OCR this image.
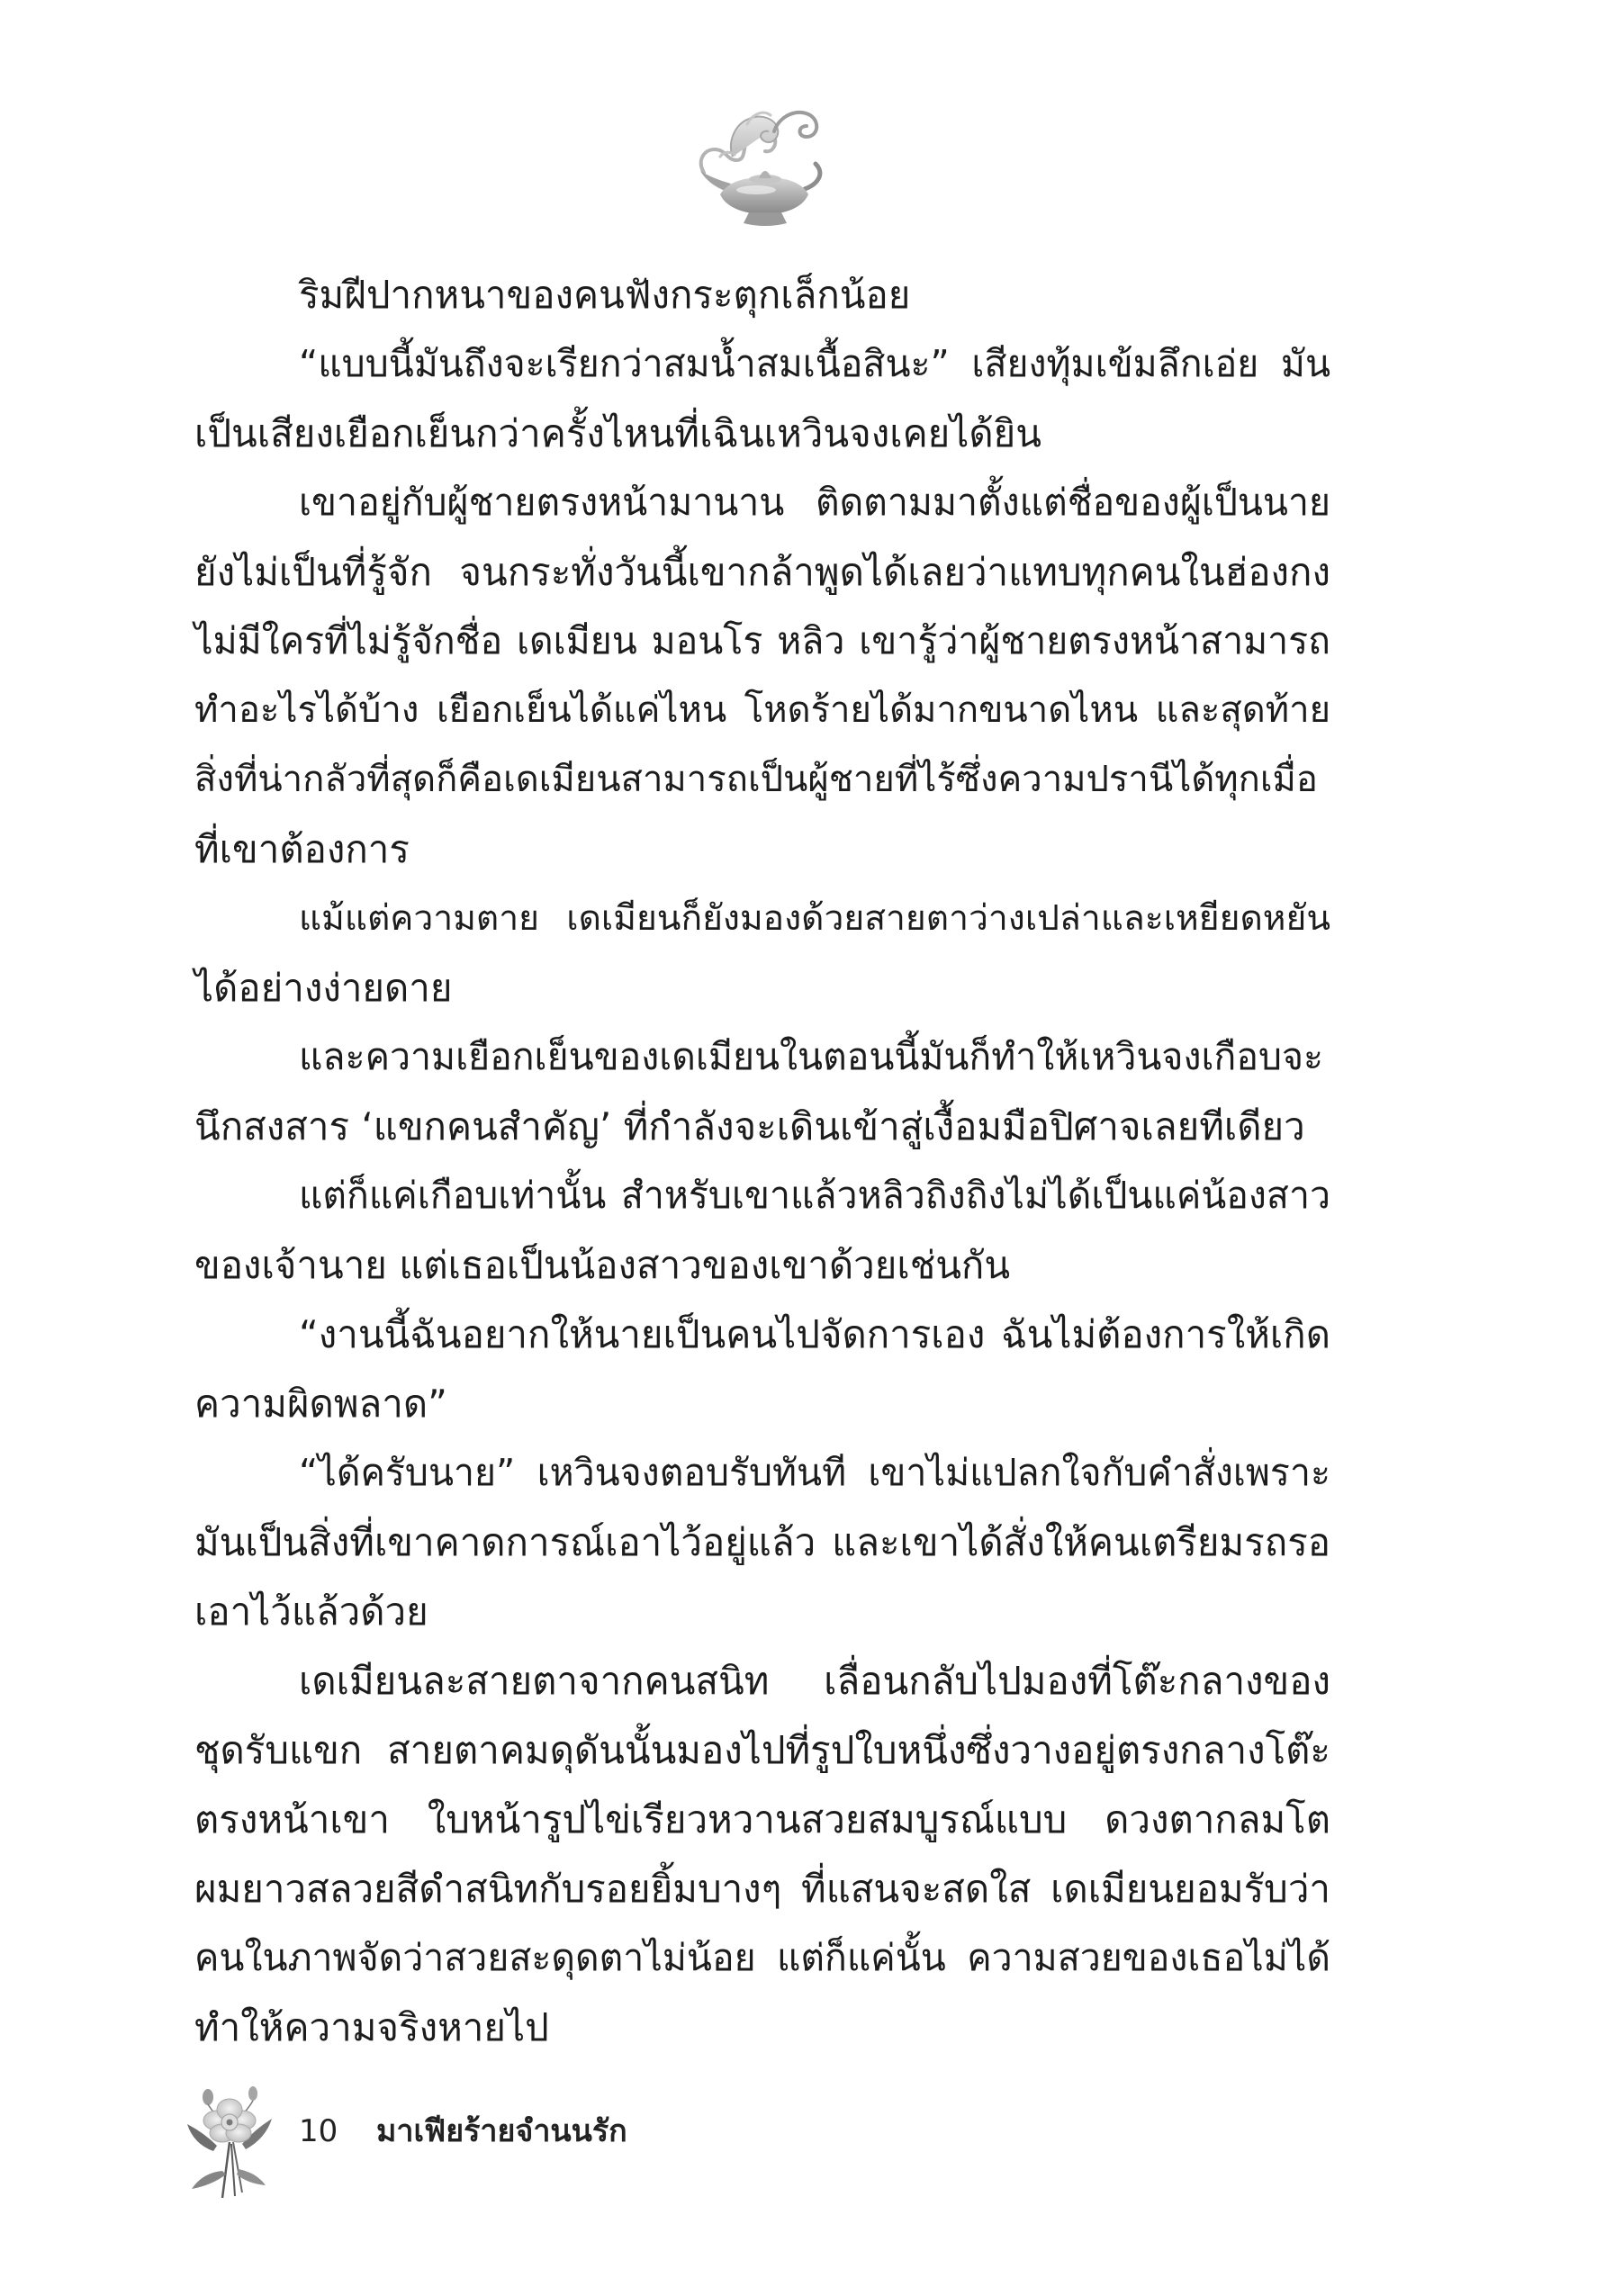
ริมฝีปากหนาของคนฟังกระตุกเล็กน้อย
“แบบนี้มันถึงจะเรียกว่าสมน้ำสมเนื้อสินะ” เสียงทุ้มเข้มลึกเอ่ย มัน
เป็นเสียงเยือกเย็นกว่าครั้งไหนที่เฉินเหวินจงเคยได้ยิน
เขาอยู่กับผู้ชายตรงหน้ามานาน ติดตามมาตั้งแต่ชื่อของผู้เป็นนาย
ยังไม่เป็นที่รู้จัก จนกระทั่งวันนี้เขากล้าพูดได้เลยว่าแทบทุกคนในฮ่องกง
ไม่มีใครที่ไม่รู้จักชื่อ เดเมียน มอนโร หลิว เขารู้ว่าผู้ชายตรงหน้าสามารถ
ทำอะไรได้บ้าง เยือกเย็นได้แค่ไหน โหดร้ายได้มากขนาดไหน และสุดท้าย
สิ่งที่น่ากลัวที่สุดก็คือเดเมียนสามารถเป็นผู้ชายที่ไร้ซึ่งความปรานีได้ทุกเมื่อ
ที่เขาต้องการ
แม้แต่ความตาย เดเมียนก็ยังมองด้วยสายตาว่างเปล่าและเหยียดหยัน
ได้อย่างง่ายดาย
และความเยือกเย็นของเดเมียนในตอนนี้มันก็ทำให้เหวินจงเกือบจะ
นึกสงสาร ‘แขกคนสำคัญ’ ที่กำลังจะเดินเข้าสู่เงื้อมมือปิศาจเลยทีเดียว
แต่ก็แค่เกือบเท่านั้น สำหรับเขาแล้วหลิวถิงถิงไม่ได้เป็นแค่น้องสาว
ของเจ้านาย แต่เธอเป็นน้องสาวของเขาด้วยเช่นกัน
“งานนี้ฉันอยากให้นายเป็นคนไปจัดการเอง ฉันไม่ต้องการให้เกิด
ความผิดพลาด”
“ได้ครับนาย” เหวินจงตอบรับทันที เขาไม่แปลกใจกับคำสั่งเพราะ
มันเป็นสิ่งที่เขาคาดการณ์เอาไว้อยู่แล้ว และเขาได้สั่งให้คนเตรียมรถรอ
เอาไว้แล้วด้วย
เดเมียนละสายตาจากคนสนิท เลื่อนกลับไปมองที่โต๊ะกลางของ
ชุดรับแขก สายตาคมดุดันนั้นมองไปที่รูปใบหนึ่งซึ่งวางอยู่ตรงกลางโต๊ะ
ตรงหน้าเขา ใบหน้ารูปไข่เรียวหวานสวยสมบูรณ์แบบ ดวงตากลมโต
ผมยาวสลวยสีดำสนิทกับรอยยิ้มบางๆ ที่แสนจะสดใส เดเมียนยอมรับว่า
คนในภาพจัดว่าสวยสะดุดตาไม่น้อย แต่ก็แค่นั้น ความสวยของเธอไม่ได้
ทำให้ความจริงหายไป
10 มาเฟียร้ายจำนนรัก
